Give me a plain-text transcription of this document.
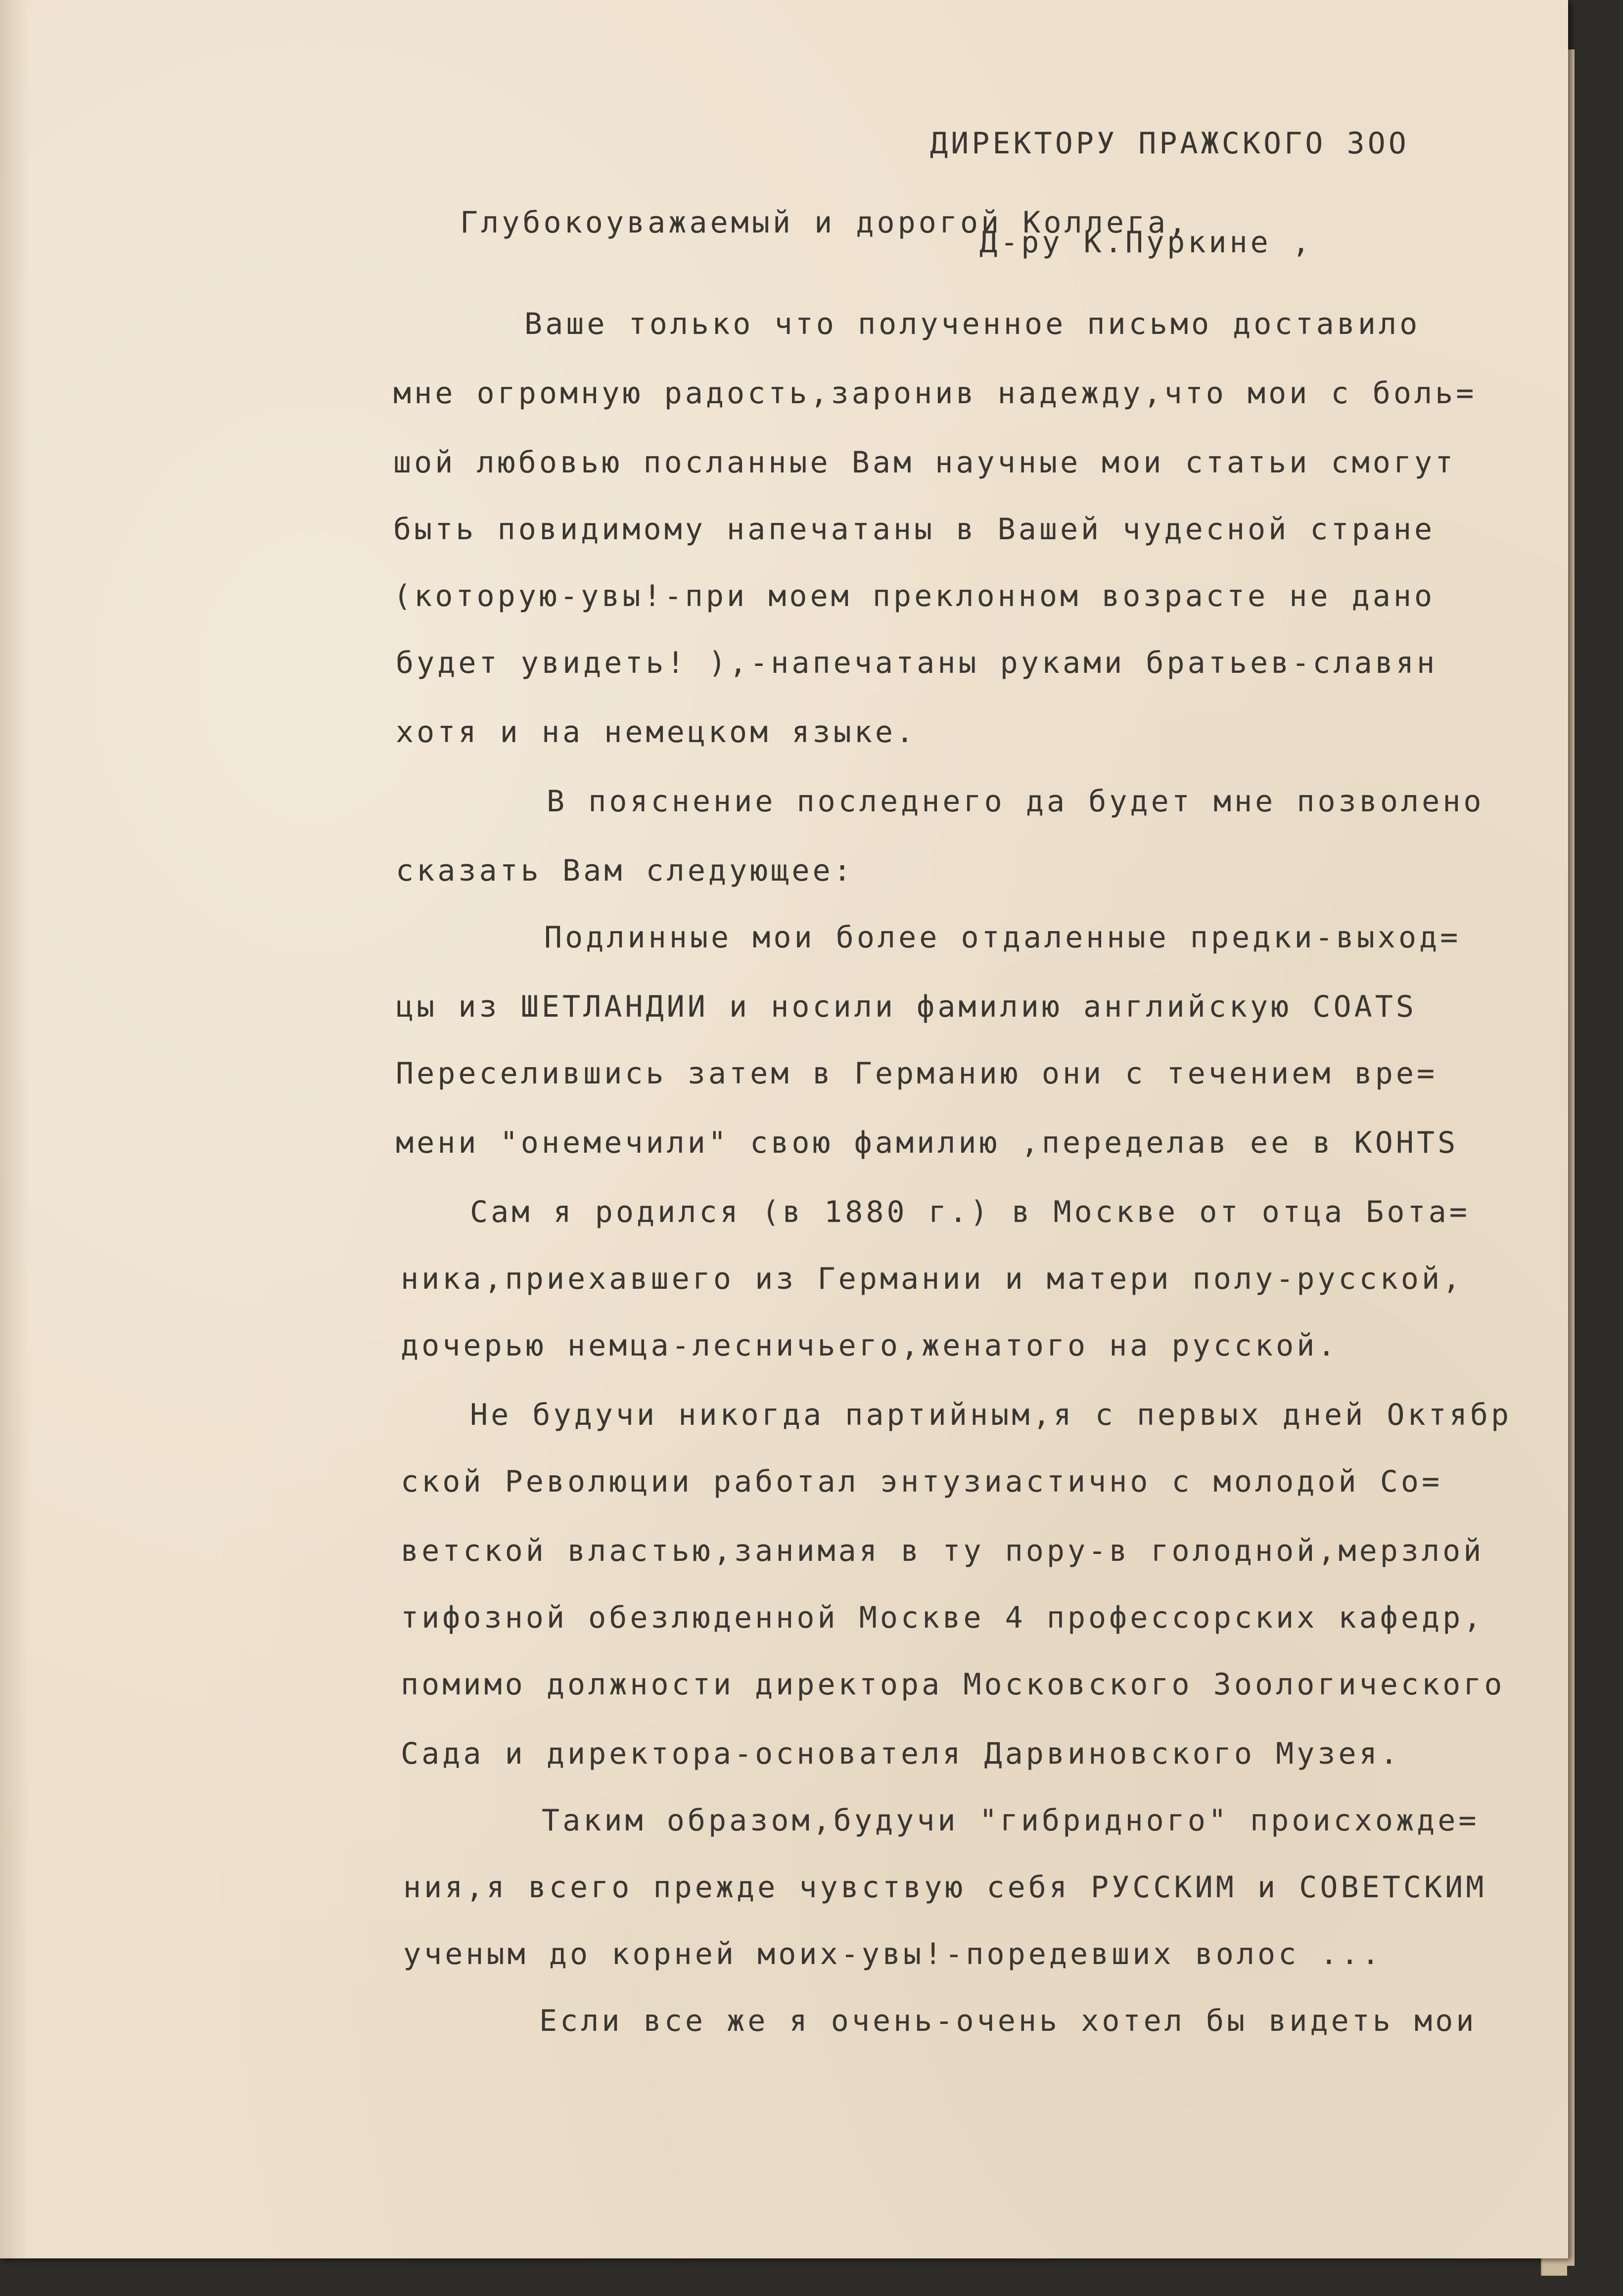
ДИРЕКТОРУ ПРАЖСКОГО ЗОО

Д-ру К.Пуркине ,

Глубокоуважаемый и дорогой Коллега,
Ваше только что полученное письмо доставило
мне огромную радость,заронив надежду,что мои с боль=
шой любовью посланные Вам научные мои статьи смогут
быть повидимому напечатаны в Вашей чудесной стране
(которую-увы!-при моем преклонном возрасте не дано
будет увидеть! ),-напечатаны руками братьев-славян
хотя и на немецком языке.
В пояснение последнего да будет мне позволено
сказать Вам следующее:
Подлинные мои более отдаленные предки-выход=
цы из ШЕТЛАНДИИ и носили фамилию английскую COATS
Переселившись затем в Германию они с течением вре=
мени "онемечили" свою фамилию ,переделав ее в KOHTS
Сам я родился (в 1880 г.) в Москве от отца Бота=
ника,приехавшего из Германии и матери полу-русской,
дочерью немца-лесничьего,женатого на русской.
Не будучи никогда партийным,я с первых дней Октябр
ской Революции работал энтузиастично с молодой Со=
ветской властью,занимая в ту пору-в голодной,мерзлой
тифозной обезлюденной Москве 4 профессорских кафедр,
помимо должности директора Московского Зоологического
Сада и директора-основателя Дарвиновского Музея.
Таким образом,будучи "гибридного" происхожде=
ния,я всего прежде чувствую себя РУССКИМ и СОВЕТСКИМ
ученым до корней моих-увы!-поредевших волос ...
Если все же я очень-очень хотел бы видеть мои
